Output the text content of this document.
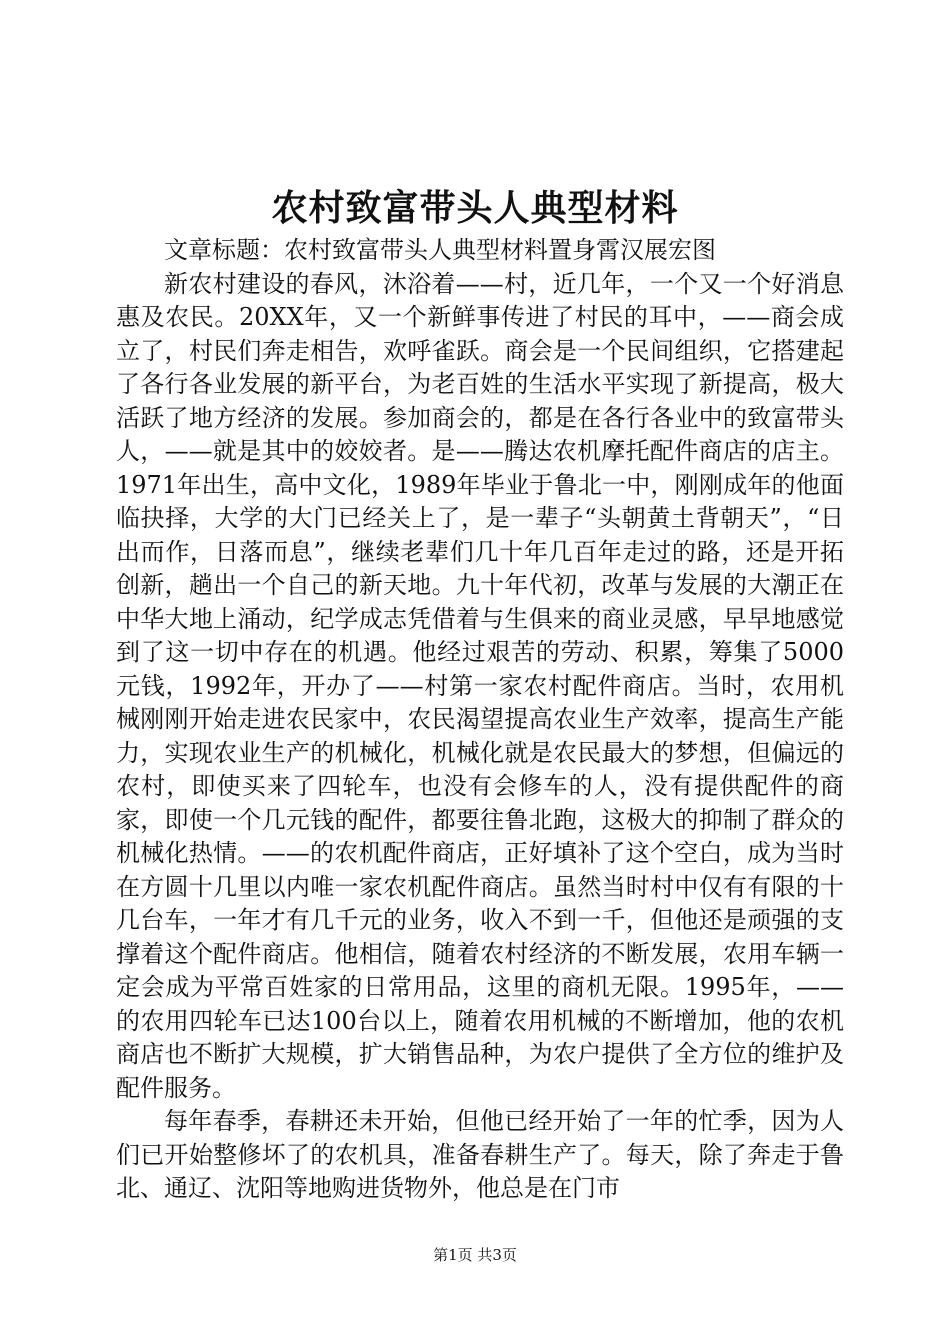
农村致富带头人典型材料

文章标题：农村致富带头人典型材料置身霄汉展宏图

新农村建设的春风，沐浴着——村，近几年，一个又一个好消息惠及农民。20XX年，又一个新鲜事传进了村民的耳中，——商会成立了，村民们奔走相告，欢呼雀跃。商会是一个民间组织，它搭建起了各行各业发展的新平台，为老百姓的生活水平实现了新提高，极大活跃了地方经济的发展。参加商会的，都是在各行各业中的致富带头人，——就是其中的姣姣者。是——腾达农机摩托配件商店的店主。1971年出生，高中文化，1989年毕业于鲁北一中，刚刚成年的他面临抉择，大学的大门已经关上了，是一辈子“头朝黄土背朝天”，“日出而作，日落而息”，继续老辈们几十年几百年走过的路，还是开拓创新，趟出一个自己的新天地。九十年代初，改革与发展的大潮正在中华大地上涌动，纪学成志凭借着与生俱来的商业灵感，早早地感觉到了这一切中存在的机遇。他经过艰苦的劳动、积累，筹集了5000元钱，1992年，开办了——村第一家农村配件商店。当时，农用机械刚刚开始走进农民家中，农民渴望提高农业生产效率，提高生产能力，实现农业生产的机械化，机械化就是农民最大的梦想，但偏远的农村，即使买来了四轮车，也没有会修车的人，没有提供配件的商家，即使一个几元钱的配件，都要往鲁北跑，这极大的抑制了群众的机械化热情。——的农机配件商店，正好填补了这个空白，成为当时在方圆十几里以内唯一家农机配件商店。虽然当时村中仅有有限的十几台车，一年才有几千元的业务，收入不到一千，但他还是顽强的支撑着这个配件商店。他相信，随着农村经济的不断发展，农用车辆一定会成为平常百姓家的日常用品，这里的商机无限。1995年，——的农用四轮车已达100台以上，随着农用机械的不断增加，他的农机商店也不断扩大规模，扩大销售品种，为农户提供了全方位的维护及配件服务。

每年春季，春耕还未开始，但他已经开始了一年的忙季，因为人们已开始整修坏了的农机具，准备春耕生产了。每天，除了奔走于鲁北、通辽、沈阳等地购进货物外，他总是在门市

第1页 共3页
